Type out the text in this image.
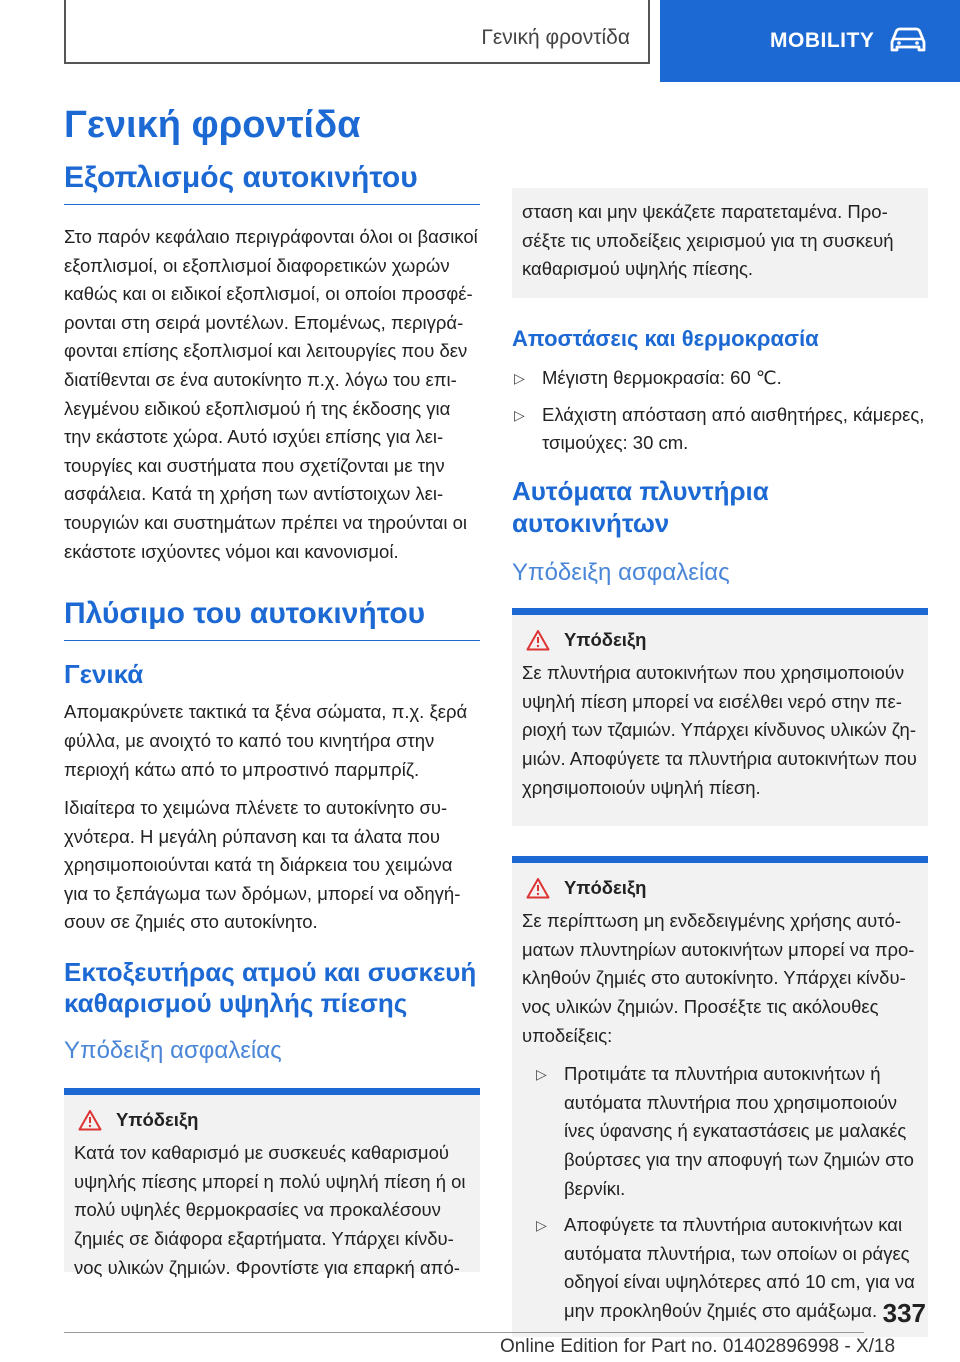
Γενική φροντίδα	MOBILITY
Γενική φροντίδα
Εξοπλισμός αυτοκινήτου

Στο παρόν κεφάλαιο περιγράφονται όλοι οι βασικοί εξοπλισμοί, οι εξοπλισμοί διαφορετικών χωρών καθώς και οι ειδικοί εξοπλισμοί, οι οποίοι προσφέρονται στη σειρά μοντέλων. Επομένως, περιγράφονται επίσης εξοπλισμοί και λειτουργίες που δεν διατίθενται σε ένα αυτοκίνητο π.χ. λόγω του επιλεγμένου ειδικού εξοπλισμού ή της έκδοσης για την εκάστοτε χώρα. Αυτό ισχύει επίσης για λειτουργίες και συστήματα που σχετίζονται με την ασφάλεια. Κατά τη χρήση των αντίστοιχων λειτουργιών και συστημάτων πρέπει να τηρούνται οι εκάστοτε ισχύοντες νόμοι και κανονισμοί.

Πλύσιμο του αυτοκινήτου
Γενικά

Απομακρύνετε τακτικά τα ξένα σώματα, π.χ. ξερά φύλλα, με ανοιχτό το καπό του κινητήρα στην περιοχή κάτω από το μπροστινό παρμπρίζ.

Ιδιαίτερα το χειμώνα πλένετε το αυτοκίνητο συχνότερα. Η μεγάλη ρύπανση και τα άλατα που χρησιμοποιούνται κατά τη διάρκεια του χειμώνα για το ξεπάγωμα των δρόμων, μπορεί να οδηγήσουν σε ζημιές στο αυτοκίνητο.

Εκτοξευτήρας ατμού και συσκευή καθαρισμού υψηλής πίεσης
Υπόδειξη ασφαλείας
Υπόδειξη

Κατά τον καθαρισμό με συσκευές καθαρισμού υψηλής πίεσης μπορεί η πολύ υψηλή πίεση ή οι πολύ υψηλές θερμοκρασίες να προκαλέσουν ζημιές σε διάφορα εξαρτήματα. Υπάρχει κίνδυνος υλικών ζημιών. Φροντίστε για επαρκή από-

σταση και μην ψεκάζετε παρατεταμένα. Προσέξτε τις υποδείξεις χειρισμού για τη συσκευή καθαρισμού υψηλής πίεσης.

Αποστάσεις και θερμοκρασία
▷ Μέγιστη θερμοκρασία: 60 ℃.
▷ Ελάχιστη απόσταση από αισθητήρες, κάμερες, τσιμούχες: 30 cm.
Αυτόματα πλυντήρια αυτοκινήτων
Υπόδειξη ασφαλείας
Υπόδειξη

Σε πλυντήρια αυτοκινήτων που χρησιμοποιούν υψηλή πίεση μπορεί να εισέλθει νερό στην περιοχή των τζαμιών. Υπάρχει κίνδυνος υλικών ζημιών. Αποφύγετε τα πλυντήρια αυτοκινήτων που χρησιμοποιούν υψηλή πίεση.

Υπόδειξη

Σε περίπτωση μη ενδεδειγμένης χρήσης αυτόματων πλυντηρίων αυτοκινήτων μπορεί να προκληθούν ζημιές στο αυτοκίνητο. Υπάρχει κίνδυνος υλικών ζημιών. Προσέξτε τις ακόλουθες υποδείξεις:

▷ Προτιμάτε τα πλυντήρια αυτοκινήτων ή αυτόματα πλυντήρια που χρησιμοποιούν ίνες ύφανσης ή εγκαταστάσεις με μαλακές βούρτσες για την αποφυγή των ζημιών στο βερνίκι.
▷ Αποφύγετε τα πλυντήρια αυτοκινήτων και αυτόματα πλυντήρια, των οποίων οι ράγες οδηγοί είναι υψηλότερες από 10 cm, για να μην προκληθούν ζημιές στο αμάξωμα. 337
Online Edition for Part no. 01402896998 - X/18
